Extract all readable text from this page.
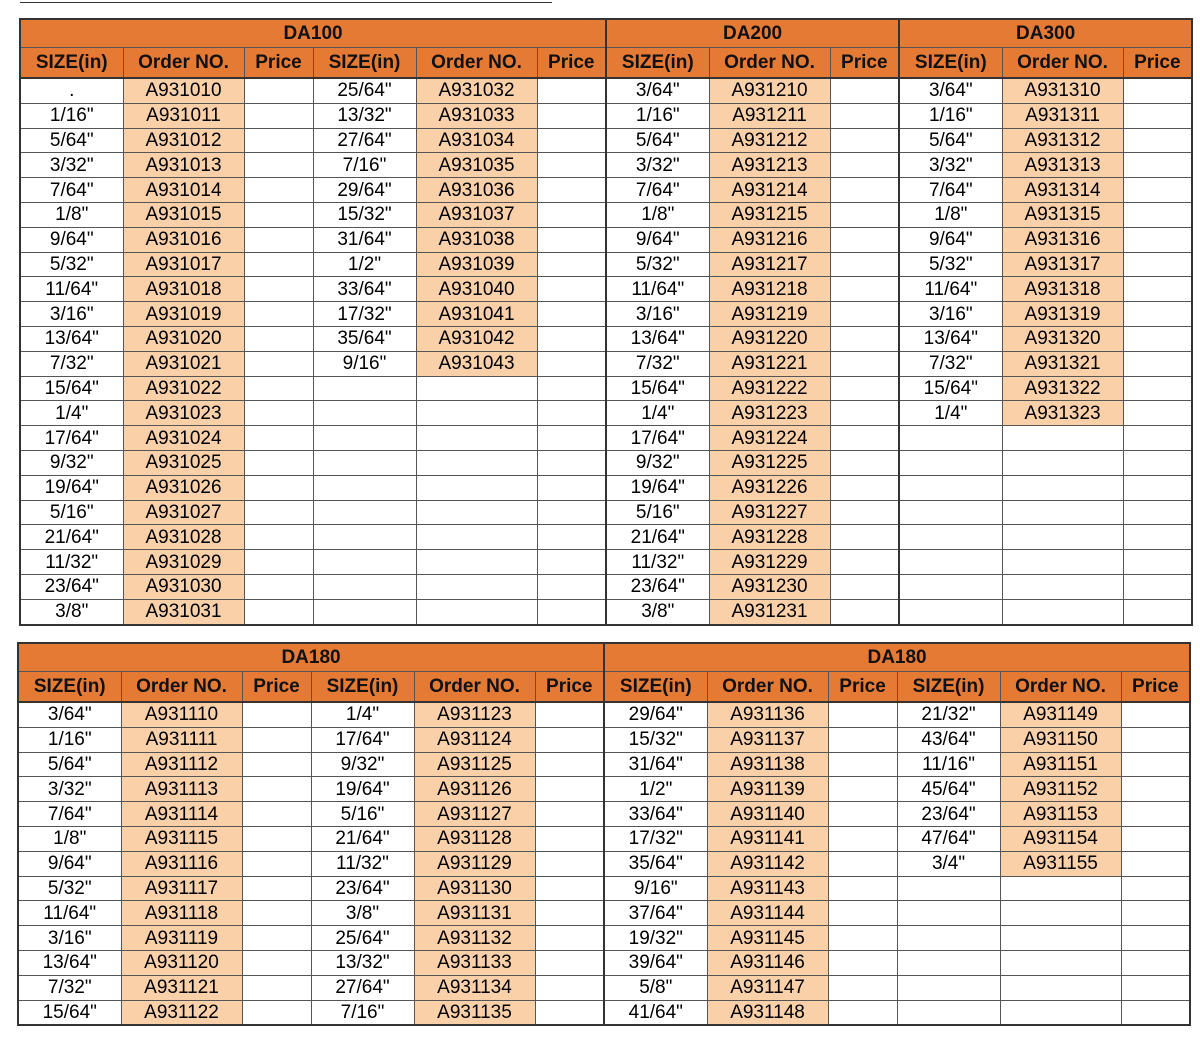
DA100						DA200			DA300		
SIZE(in)	Order NO.	Price	SIZE(in)	Order NO.	Price	SIZE(in)	Order NO.	Price	SIZE(in)	Order NO.	Price
.	A931010		25/64"	A931032		3/64"	A931210		3/64"	A931310	
1/16"	A931011		13/32"	A931033		1/16"	A931211		1/16"	A931311	
5/64"	A931012		27/64"	A931034		5/64"	A931212		5/64"	A931312	
3/32"	A931013		7/16"	A931035		3/32"	A931213		3/32"	A931313	
7/64"	A931014		29/64"	A931036		7/64"	A931214		7/64"	A931314	
1/8"	A931015		15/32"	A931037		1/8"	A931215		1/8"	A931315	
9/64"	A931016		31/64"	A931038		9/64"	A931216		9/64"	A931316	
5/32"	A931017		1/2"	A931039		5/32"	A931217		5/32"	A931317	
11/64"	A931018		33/64"	A931040		11/64"	A931218		11/64"	A931318	
3/16"	A931019		17/32"	A931041		3/16"	A931219		3/16"	A931319	
13/64"	A931020		35/64"	A931042		13/64"	A931220		13/64"	A931320	
7/32"	A931021		9/16"	A931043		7/32"	A931221		7/32"	A931321	
15/64"	A931022					15/64"	A931222		15/64"	A931322	
1/4"	A931023					1/4"	A931223		1/4"	A931323	
17/64"	A931024					17/64"	A931224				
9/32"	A931025					9/32"	A931225				
19/64"	A931026					19/64"	A931226				
5/16"	A931027					5/16"	A931227				
21/64"	A931028					21/64"	A931228				
11/32"	A931029					11/32"	A931229				
23/64"	A931030					23/64"	A931230				
3/8"	A931031					3/8"	A931231				
DA180						DA180					
SIZE(in)	Order NO.	Price	SIZE(in)	Order NO.	Price	SIZE(in)	Order NO.	Price	SIZE(in)	Order NO.	Price
3/64"	A931110		1/4"	A931123		29/64"	A931136		21/32"	A931149	
1/16"	A931111		17/64"	A931124		15/32"	A931137		43/64"	A931150	
5/64"	A931112		9/32"	A931125		31/64"	A931138		11/16"	A931151	
3/32"	A931113		19/64"	A931126		1/2"	A931139		45/64"	A931152	
7/64"	A931114		5/16"	A931127		33/64"	A931140		23/64"	A931153	
1/8"	A931115		21/64"	A931128		17/32"	A931141		47/64"	A931154	
9/64"	A931116		11/32"	A931129		35/64"	A931142		3/4"	A931155	
5/32"	A931117		23/64"	A931130		9/16"	A931143				
11/64"	A931118		3/8"	A931131		37/64"	A931144				
3/16"	A931119		25/64"	A931132		19/32"	A931145				
13/64"	A931120		13/32"	A931133		39/64"	A931146				
7/32"	A931121		27/64"	A931134		5/8"	A931147				
15/64"	A931122		7/16"	A931135		41/64"	A931148				
